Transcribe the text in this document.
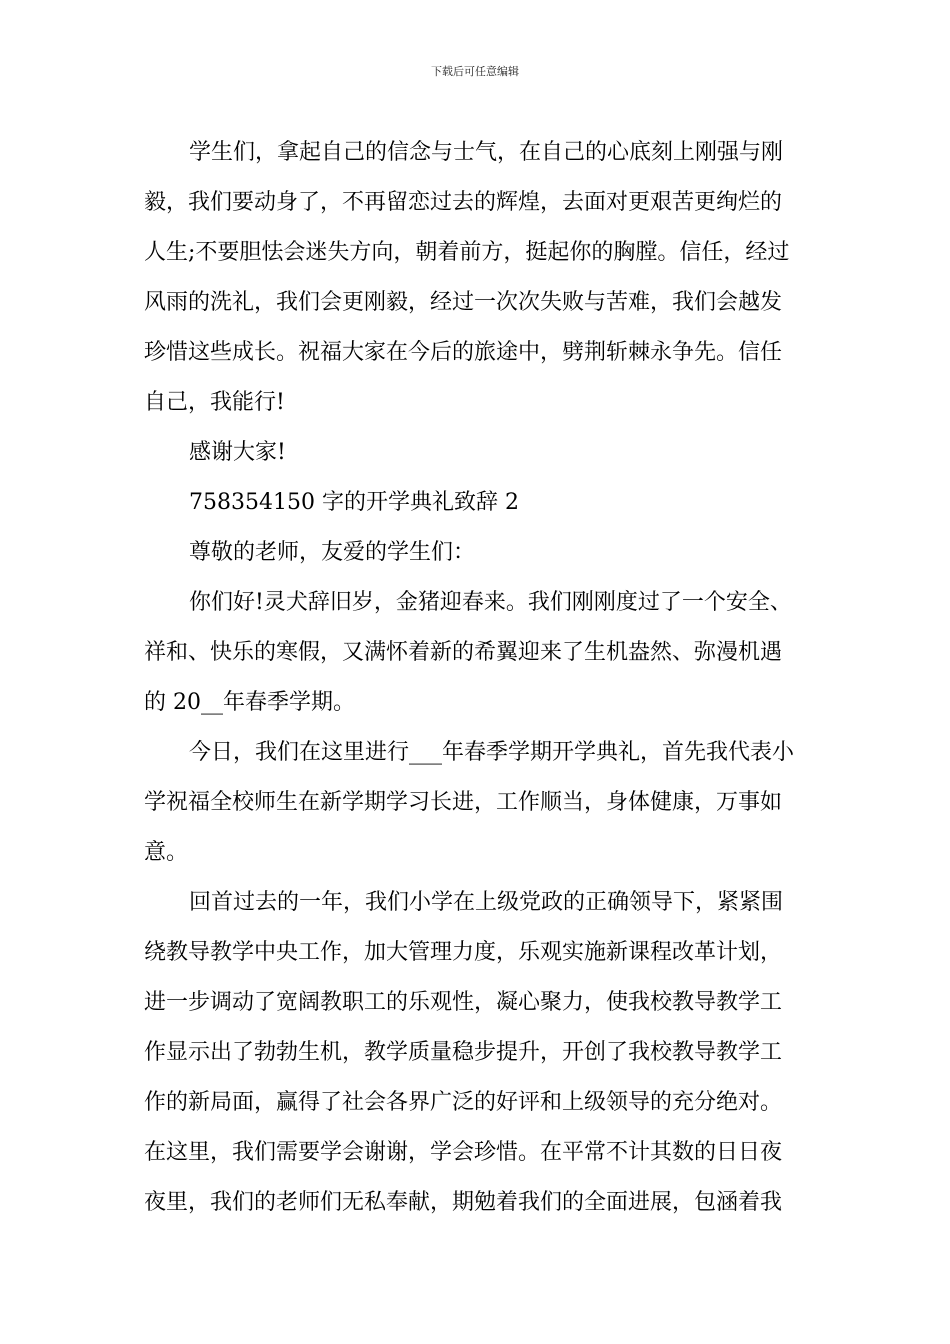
下载后可任意编辑
学生们，拿起自己的信念与士气，在自己的心底刻上刚强与刚
毅，我们要动身了，不再留恋过去的辉煌，去面对更艰苦更绚烂的
人生;不要胆怯会迷失方向，朝着前方，挺起你的胸膛。信任，经过
风雨的洗礼，我们会更刚毅，经过一次次失败与苦难，我们会越发
珍惜这些成长。祝福大家在今后的旅途中，劈荆斩棘永争先。信任
自己，我能行!
感谢大家!
758354150 字的开学典礼致辞 2
尊敬的老师，友爱的学生们：
你们好!灵犬辞旧岁，金猪迎春来。我们刚刚度过了一个安全、
祥和、快乐的寒假，又满怀着新的希翼迎来了生机盎然、弥漫机遇
的 20__年春季学期。
今日，我们在这里进行___年春季学期开学典礼，首先我代表小
学祝福全校师生在新学期学习长进，工作顺当，身体健康，万事如
意。
回首过去的一年，我们小学在上级党政的正确领导下，紧紧围
绕教导教学中央工作，加大管理力度，乐观实施新课程改革计划，
进一步调动了宽阔教职工的乐观性，凝心聚力，使我校教导教学工
作显示出了勃勃生机，教学质量稳步提升，开创了我校教导教学工
作的新局面，赢得了社会各界广泛的好评和上级领导的充分绝对。
在这里，我们需要学会谢谢，学会珍惜。在平常不计其数的日日夜
夜里，我们的老师们无私奉献，期勉着我们的全面进展，包涵着我
